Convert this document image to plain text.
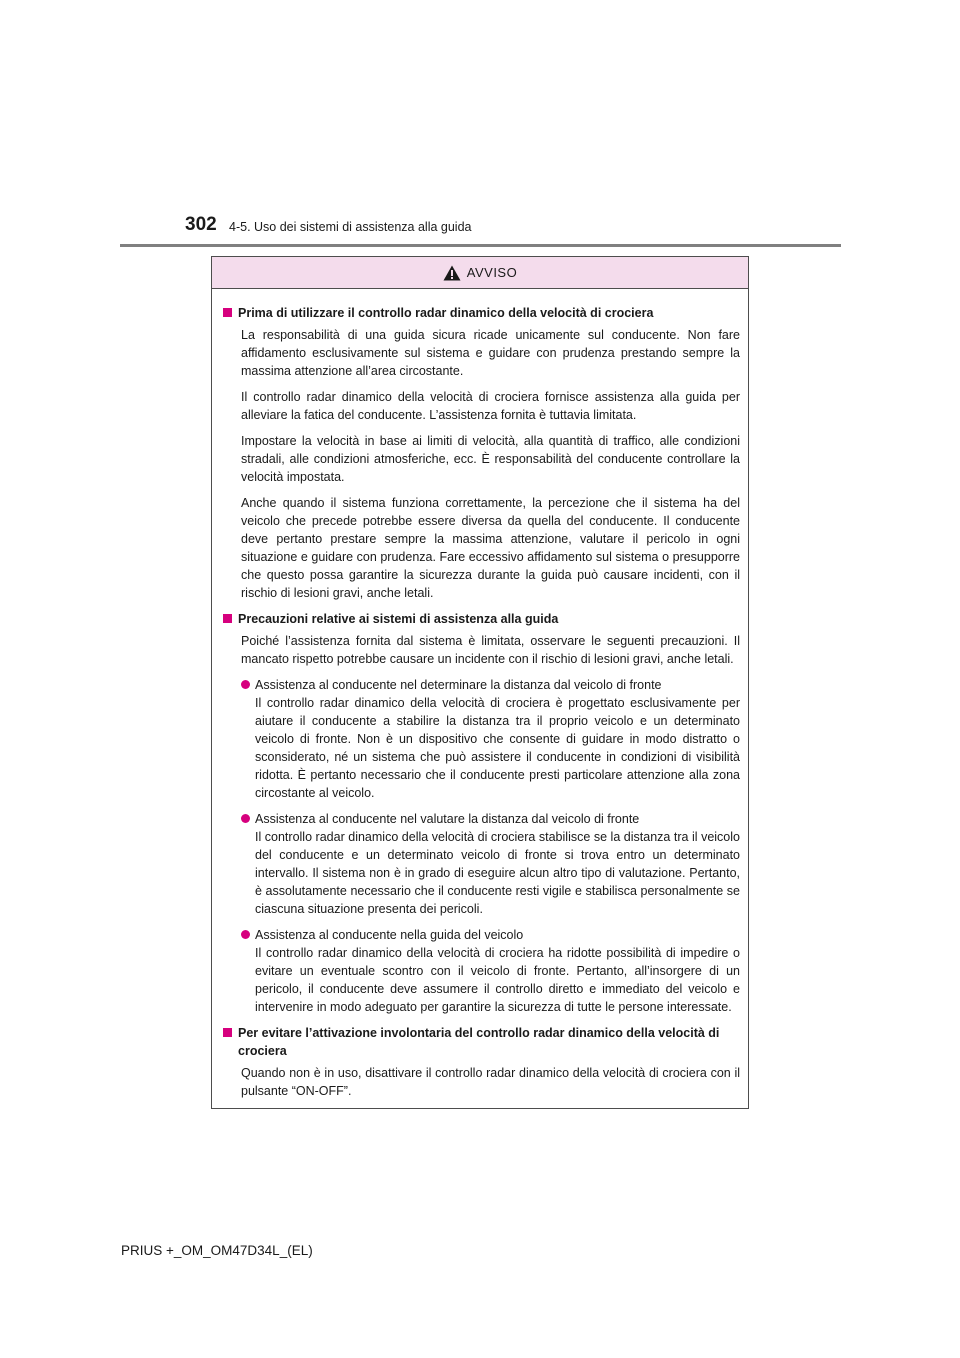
302 4-5. Uso dei sistemi di assistenza alla guida
AVVISO
Prima di utilizzare il controllo radar dinamico della velocità di crociera
La responsabilità di una guida sicura ricade unicamente sul conducente. Non fare affidamento esclusivamente sul sistema e guidare con prudenza prestando sempre la massima attenzione all’area circostante.
Il controllo radar dinamico della velocità di crociera fornisce assistenza alla guida per alleviare la fatica del conducente. L’assistenza fornita è tuttavia limitata.
Impostare la velocità in base ai limiti di velocità, alla quantità di traffico, alle condizioni stradali, alle condizioni atmosferiche, ecc. È responsabilità del conducente controllare la velocità impostata.
Anche quando il sistema funziona correttamente, la percezione che il sistema ha del veicolo che precede potrebbe essere diversa da quella del conducente. Il conducente deve pertanto prestare sempre la massima attenzione, valutare il pericolo in ogni situazione e guidare con prudenza. Fare eccessivo affidamento sul sistema o presupporre che questo possa garantire la sicurezza durante la guida può causare incidenti, con il rischio di lesioni gravi, anche letali.
Precauzioni relative ai sistemi di assistenza alla guida
Poiché l’assistenza fornita dal sistema è limitata, osservare le seguenti precauzioni. Il mancato rispetto potrebbe causare un incidente con il rischio di lesioni gravi, anche letali.
Assistenza al conducente nel determinare la distanza dal veicolo di fronte
Il controllo radar dinamico della velocità di crociera è progettato esclusivamente per aiutare il conducente a stabilire la distanza tra il proprio veicolo e un determinato veicolo di fronte. Non è un dispositivo che consente di guidare in modo distratto o sconsiderato, né un sistema che può assistere il conducente in condizioni di visibilità ridotta. È pertanto necessario che il conducente presti particolare attenzione alla zona circostante al veicolo.
Assistenza al conducente nel valutare la distanza dal veicolo di fronte
Il controllo radar dinamico della velocità di crociera stabilisce se la distanza tra il veicolo del conducente e un determinato veicolo di fronte si trova entro un determinato intervallo. Il sistema non è in grado di eseguire alcun altro tipo di valutazione. Pertanto, è assolutamente necessario che il conducente resti vigile e stabilisca personalmente se ciascuna situazione presenta dei pericoli.
Assistenza al conducente nella guida del veicolo
Il controllo radar dinamico della velocità di crociera ha ridotte possibilità di impedire o evitare un eventuale scontro con il veicolo di fronte. Pertanto, all’insorgere di un pericolo, il conducente deve assumere il controllo diretto e immediato del veicolo e intervenire in modo adeguato per garantire la sicurezza di tutte le persone interessate.
Per evitare l’attivazione involontaria del controllo radar dinamico della velocità di crociera
Quando non è in uso, disattivare il controllo radar dinamico della velocità di crociera con il pulsante “ON-OFF”.
PRIUS +_OM_OM47D34L_(EL)
